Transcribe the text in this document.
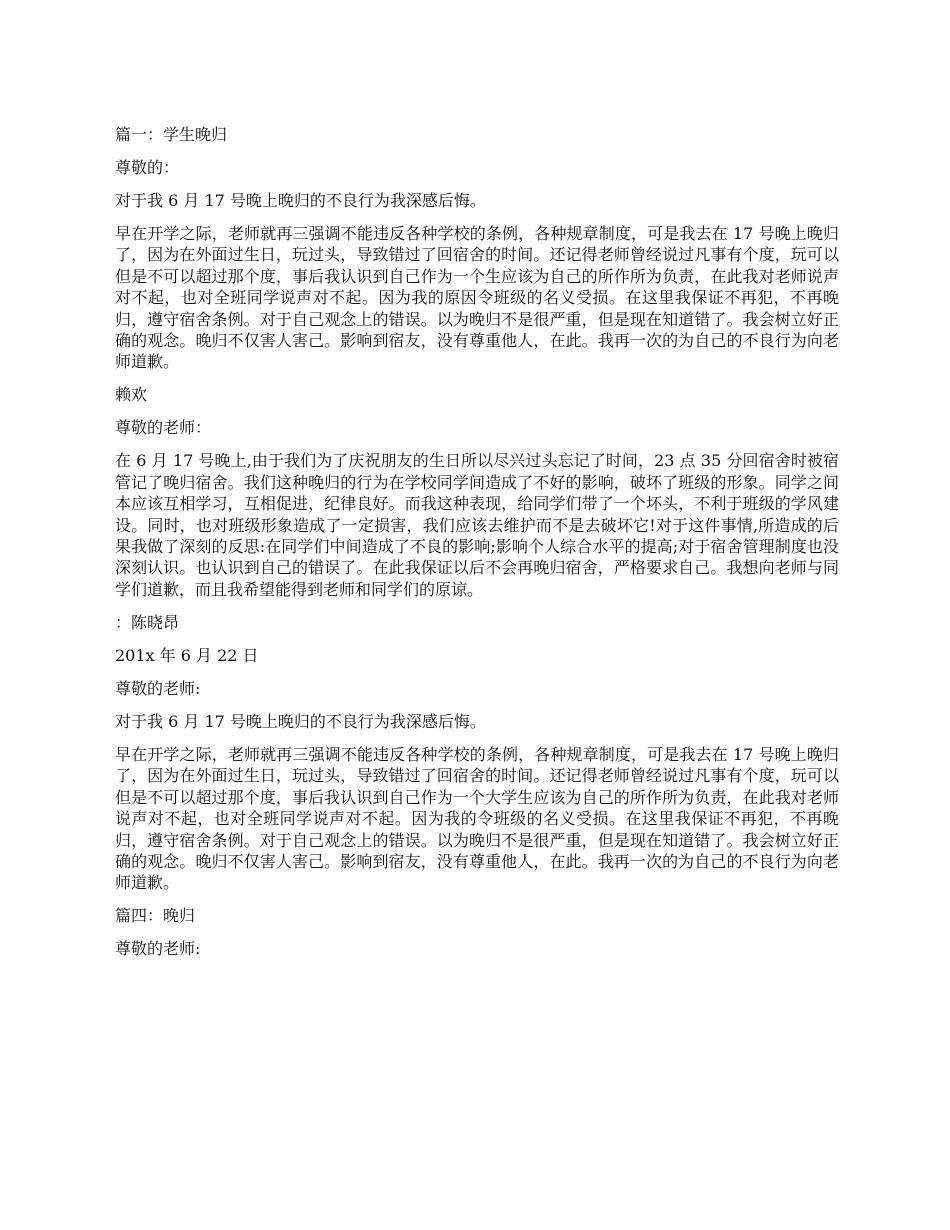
篇一：学生晚归

尊敬的：

对于我 6 月 17 号晚上晚归的不良行为我深感后悔。

早在开学之际，老师就再三强调不能违反各种学校的条例，各种规章制度，可是我去在 17 号晚上晚归了，因为在外面过生日，玩过头，导致错过了回宿舍的时间。还记得老师曾经说过凡事有个度，玩可以但是不可以超过那个度，事后我认识到自己作为一个生应该为自己的所作所为负责，在此我对老师说声对不起，也对全班同学说声对不起。因为我的原因令班级的名义受损。在这里我保证不再犯，不再晚归，遵守宿舍条例。对于自己观念上的错误。以为晚归不是很严重，但是现在知道错了。我会树立好正确的观念。晚归不仅害人害己。影响到宿友，没有尊重他人，在此。我再一次的为自己的不良行为向老师道歉。

赖欢

尊敬的老师：

在 6 月 17 号晚上,由于我们为了庆祝朋友的生日所以尽兴过头忘记了时间，23 点 35 分回宿舍时被宿管记了晚归宿舍。我们这种晚归的行为在学校同学间造成了不好的影响，破坏了班级的形象。同学之间本应该互相学习，互相促进，纪律良好。而我这种表现，给同学们带了一个坏头，不利于班级的学风建设。同时，也对班级形象造成了一定损害，我们应该去维护而不是去破坏它!对于这件事情,所造成的后果我做了深刻的反思:在同学们中间造成了不良的影响;影响个人综合水平的提高;对于宿舍管理制度也没深刻认识。也认识到自己的错误了。在此我保证以后不会再晚归宿舍，严格要求自己。我想向老师与同学们道歉，而且我希望能得到老师和同学们的原谅。

：陈晓昂

201x 年 6 月 22 日

尊敬的老师:

对于我 6 月 17 号晚上晚归的不良行为我深感后悔。

早在开学之际，老师就再三强调不能违反各种学校的条例，各种规章制度，可是我去在 17 号晚上晚归了，因为在外面过生日，玩过头，导致错过了回宿舍的时间。还记得老师曾经说过凡事有个度，玩可以但是不可以超过那个度，事后我认识到自己作为一个大学生应该为自己的所作所为负责，在此我对老师说声对不起，也对全班同学说声对不起。因为我的令班级的名义受损。在这里我保证不再犯，不再晚归，遵守宿舍条例。对于自己观念上的错误。以为晚归不是很严重，但是现在知道错了。我会树立好正确的观念。晚归不仅害人害己。影响到宿友，没有尊重他人，在此。我再一次的为自己的不良行为向老师道歉。

篇四：晚归

尊敬的老师:
